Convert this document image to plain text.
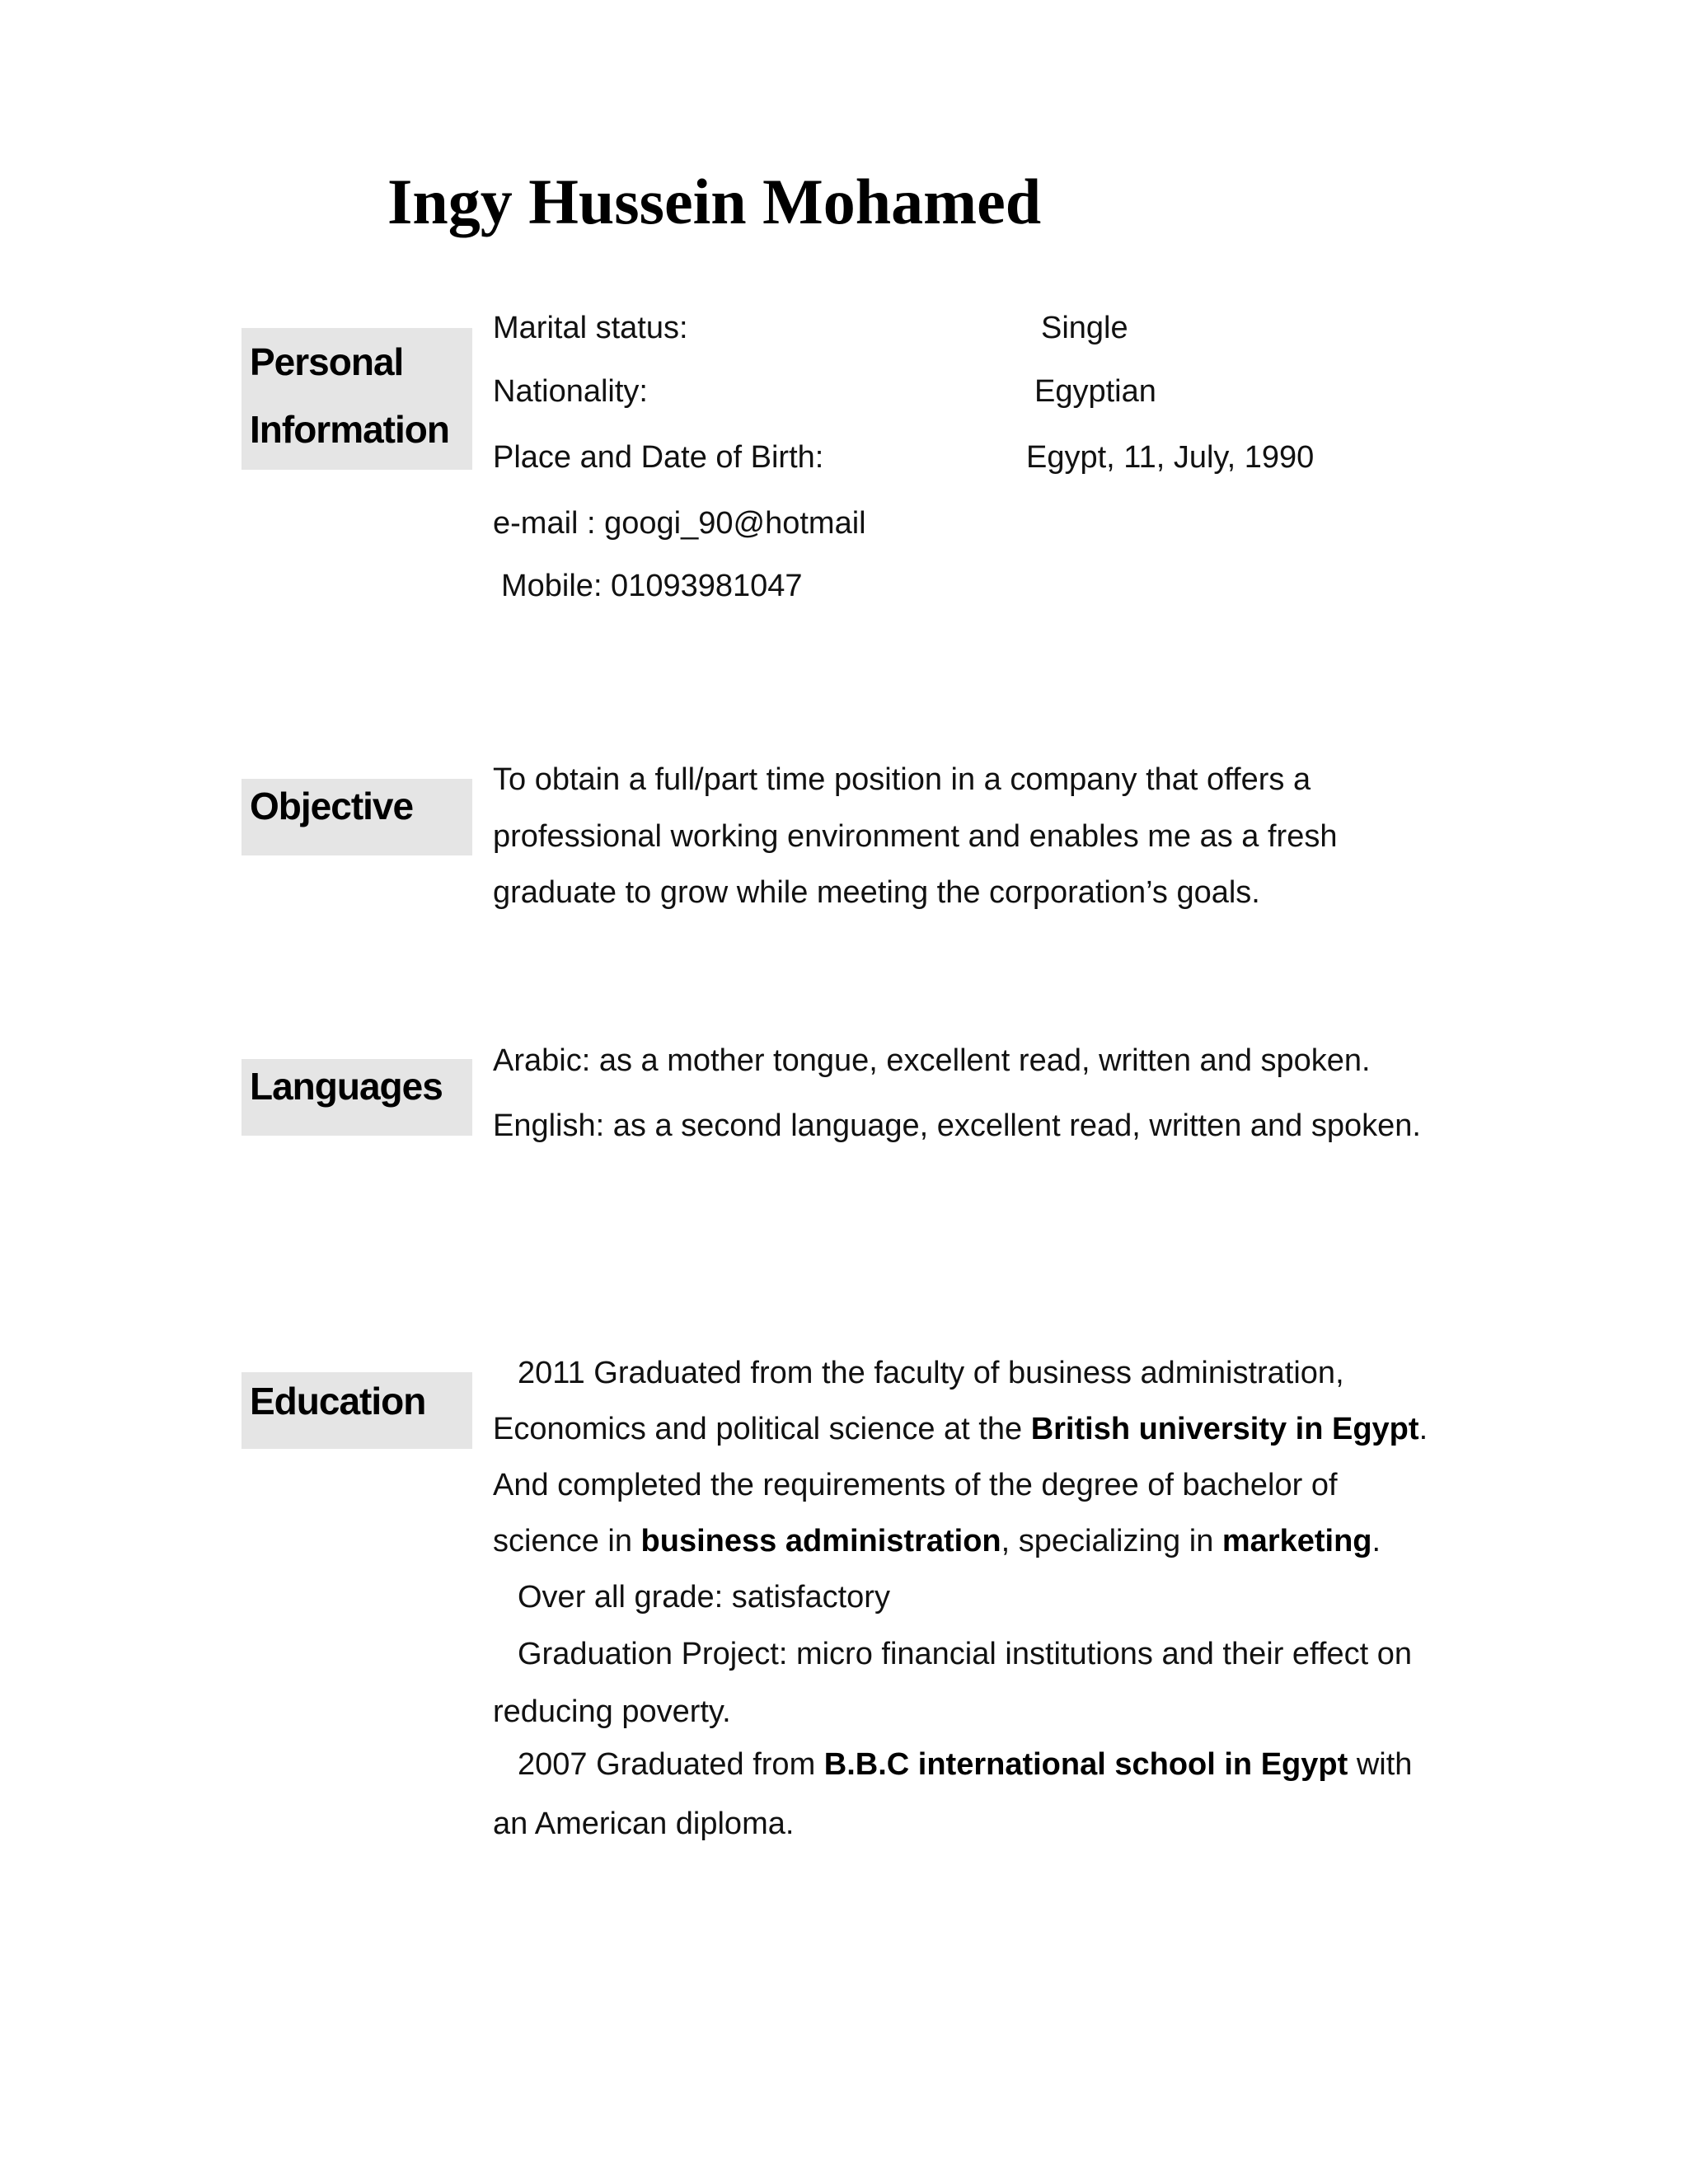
Ingy Hussein Mohamed
Personal
Information
Marital status:	Single
Nationality:	Egyptian
Place and Date of Birth:	Egypt, 11, July, 1990
e-mail : googi_90@hotmail
Mobile: 01093981047
Objective
To obtain a full/part time position in a company that offers a
professional working environment and enables me as a fresh
graduate to grow while meeting the corporation’s goals.
Languages
Arabic: as a mother tongue, excellent read, written and spoken.
English: as a second language, excellent read, written and spoken.
Education
2011 Graduated from the faculty of business administration,
Economics and political science at the British university in Egypt.
And completed the requirements of the degree of bachelor of
science in business administration, specializing in marketing.
Over all grade: satisfactory
Graduation Project: micro financial institutions and their effect on
reducing poverty.
2007 Graduated from B.B.C international school in Egypt with
an American diploma.
